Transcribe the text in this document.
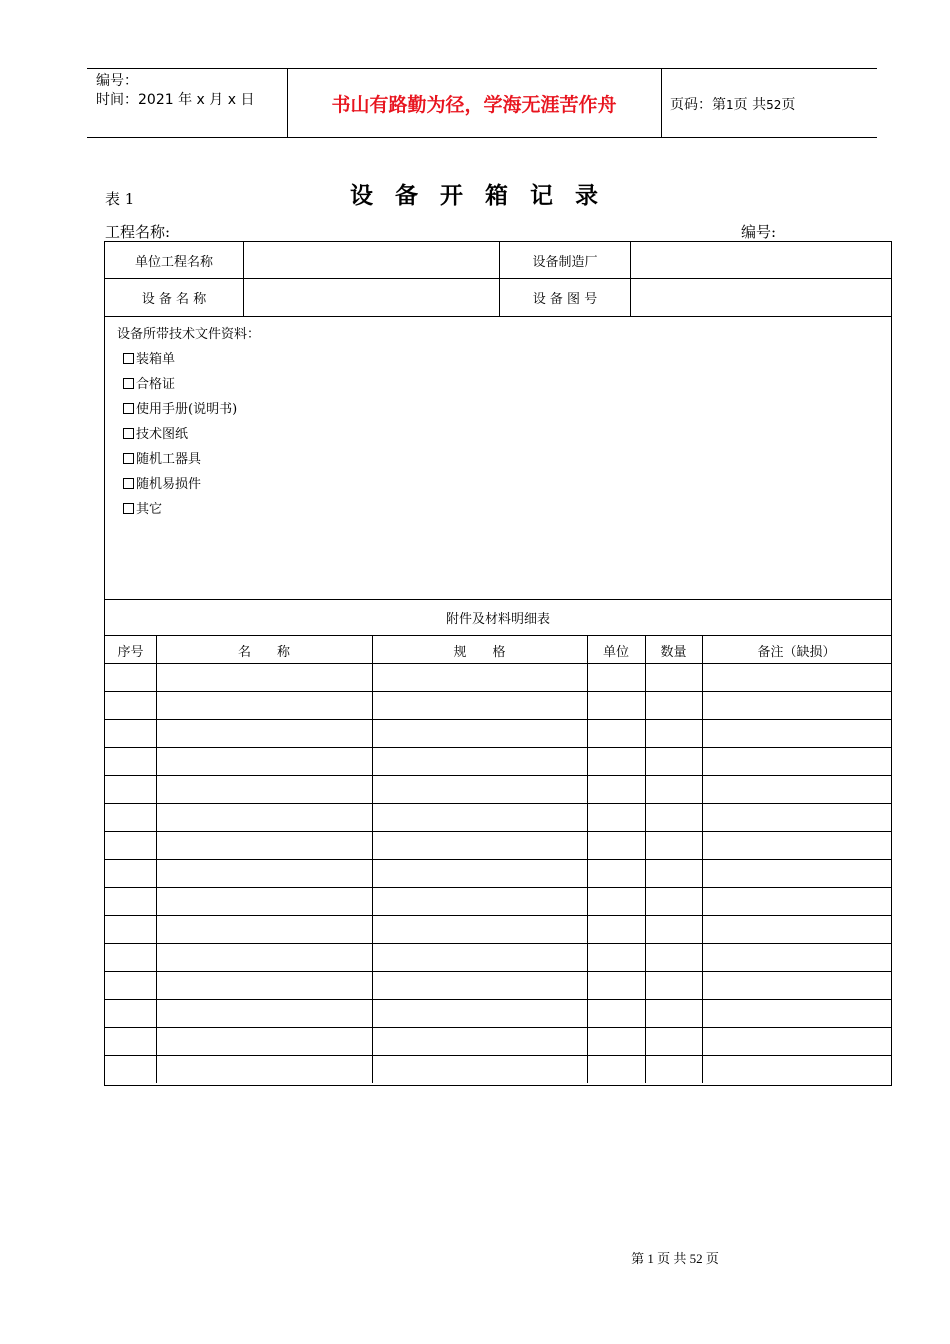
编号：
时间：2021 年 x 月 x 日	书山有路勤为径，学海无涯苦作舟	页码：第1页 共52页
表 1	设备开箱记录
工程名称:	编号:
单位工程名称	设备制造厂
设 备 名 称	设 备 图 号
设备所带技术文件资料：
装箱单
合格证
使用手册(说明书)
技术图纸
随机工器具
随机易损件
其它
附件及材料明细表
序号	名　　称	规　　格	单位	数量	备注（缺损）
第 1 页 共 52 页
